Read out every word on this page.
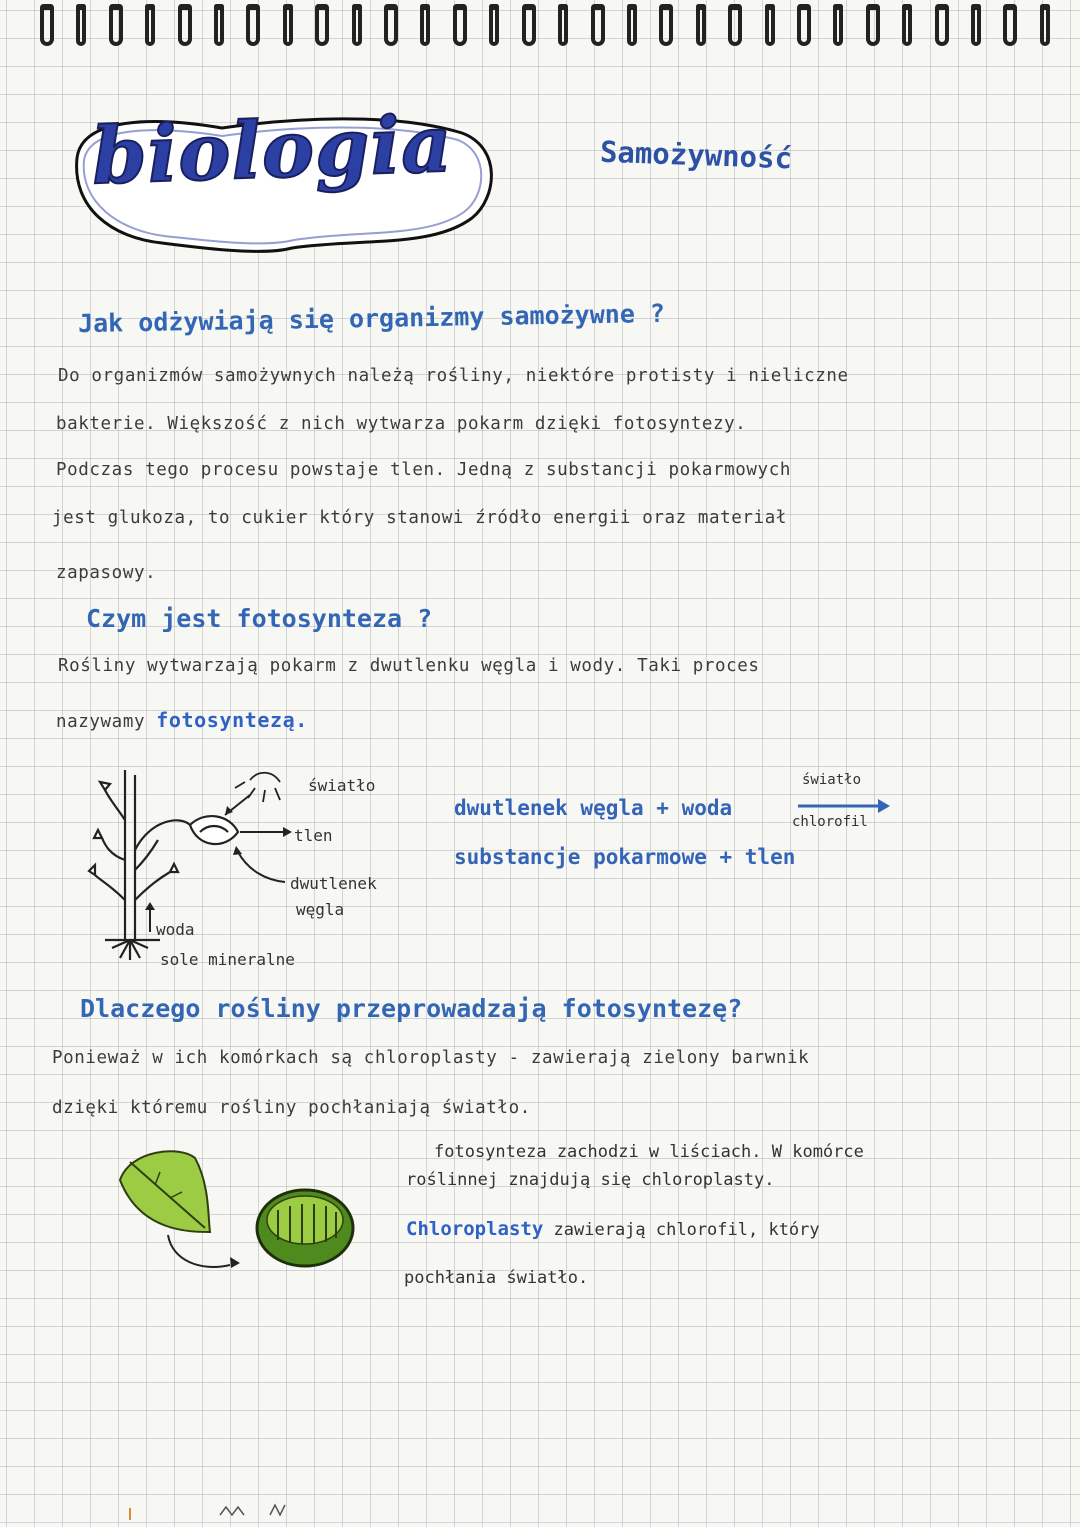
biologia	Samożywność
Jak odżywiają się organizmy samożywne ?
Do organizmów samożywnych należą rośliny, niektóre protisty i nieliczne
bakterie. Większość z nich wytwarza pokarm dzięki fotosyntezy.
Podczas tego procesu powstaje tlen. Jedną z substancji pokarmowych
jest glukoza, to cukier który stanowi źródło energii oraz materiał
zapasowy.
Czym jest fotosynteza ?
Rośliny wytwarzają pokarm z dwutlenku węgla i wody. Taki proces
nazywamy fotosyntezą.
światło
tlen
dwutlenek
węgla
woda
sole mineralne
dwutlenek węgla + woda
światło
chlorofil
substancje pokarmowe + tlen
Dlaczego rośliny przeprowadzają fotosyntezę?
Ponieważ w ich komórkach są chloroplasty - zawierają zielony barwnik
dzięki któremu rośliny pochłaniają światło.
fotosynteza zachodzi w liściach. W komórce
roślinnej znajdują się chloroplasty.
Chloroplasty zawierają chlorofil, który
pochłania światło.
